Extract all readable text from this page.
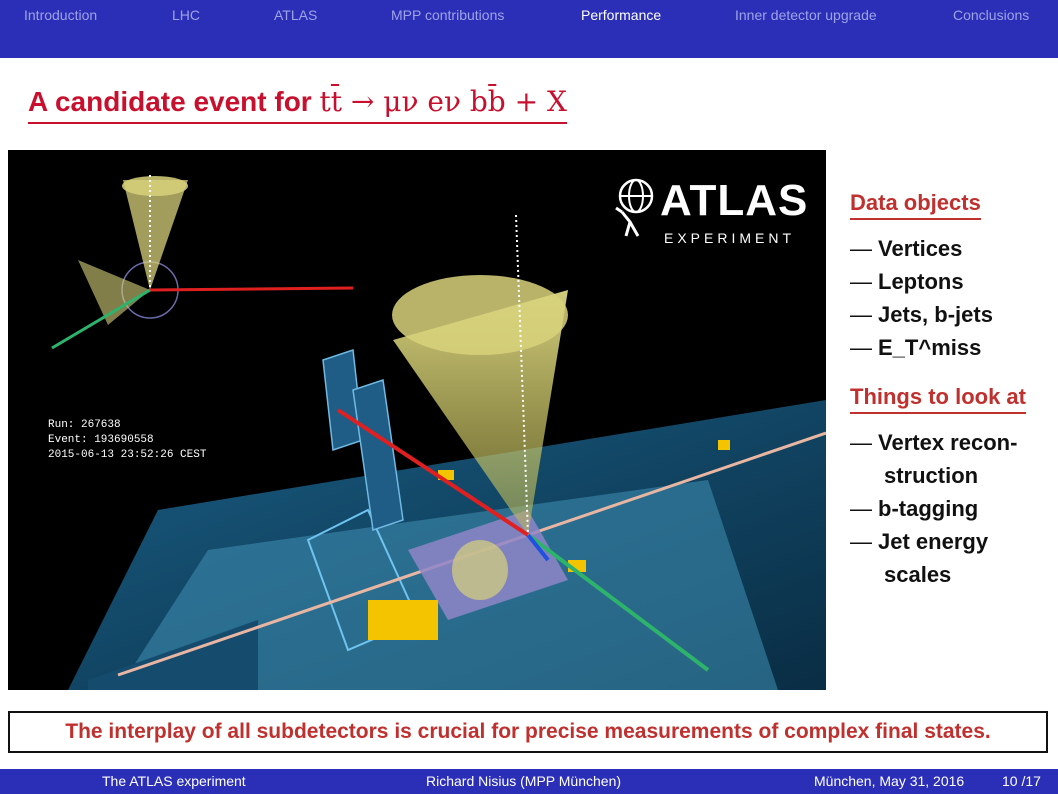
Introduction	LHC	ATLAS	MPP contributions	Performance	Inner detector upgrade	Conclusions
A candidate event for tt̄ → μν eν bb̄ + X
Run: 267638
Event: 193690558
2015-06-13 23:52:26 CEST
ATLAS
EXPERIMENT
Data objects
— Vertices
— Leptons
— Jets, b-jets
— E_T^miss
Things to look at
— Vertex recon-
struction
— b-tagging
— Jet energy
scales
The interplay of all subdetectors is crucial for precise measurements of complex final states.
The ATLAS experiment	Richard Nisius (MPP München)	München, May 31, 2016	10 /17
